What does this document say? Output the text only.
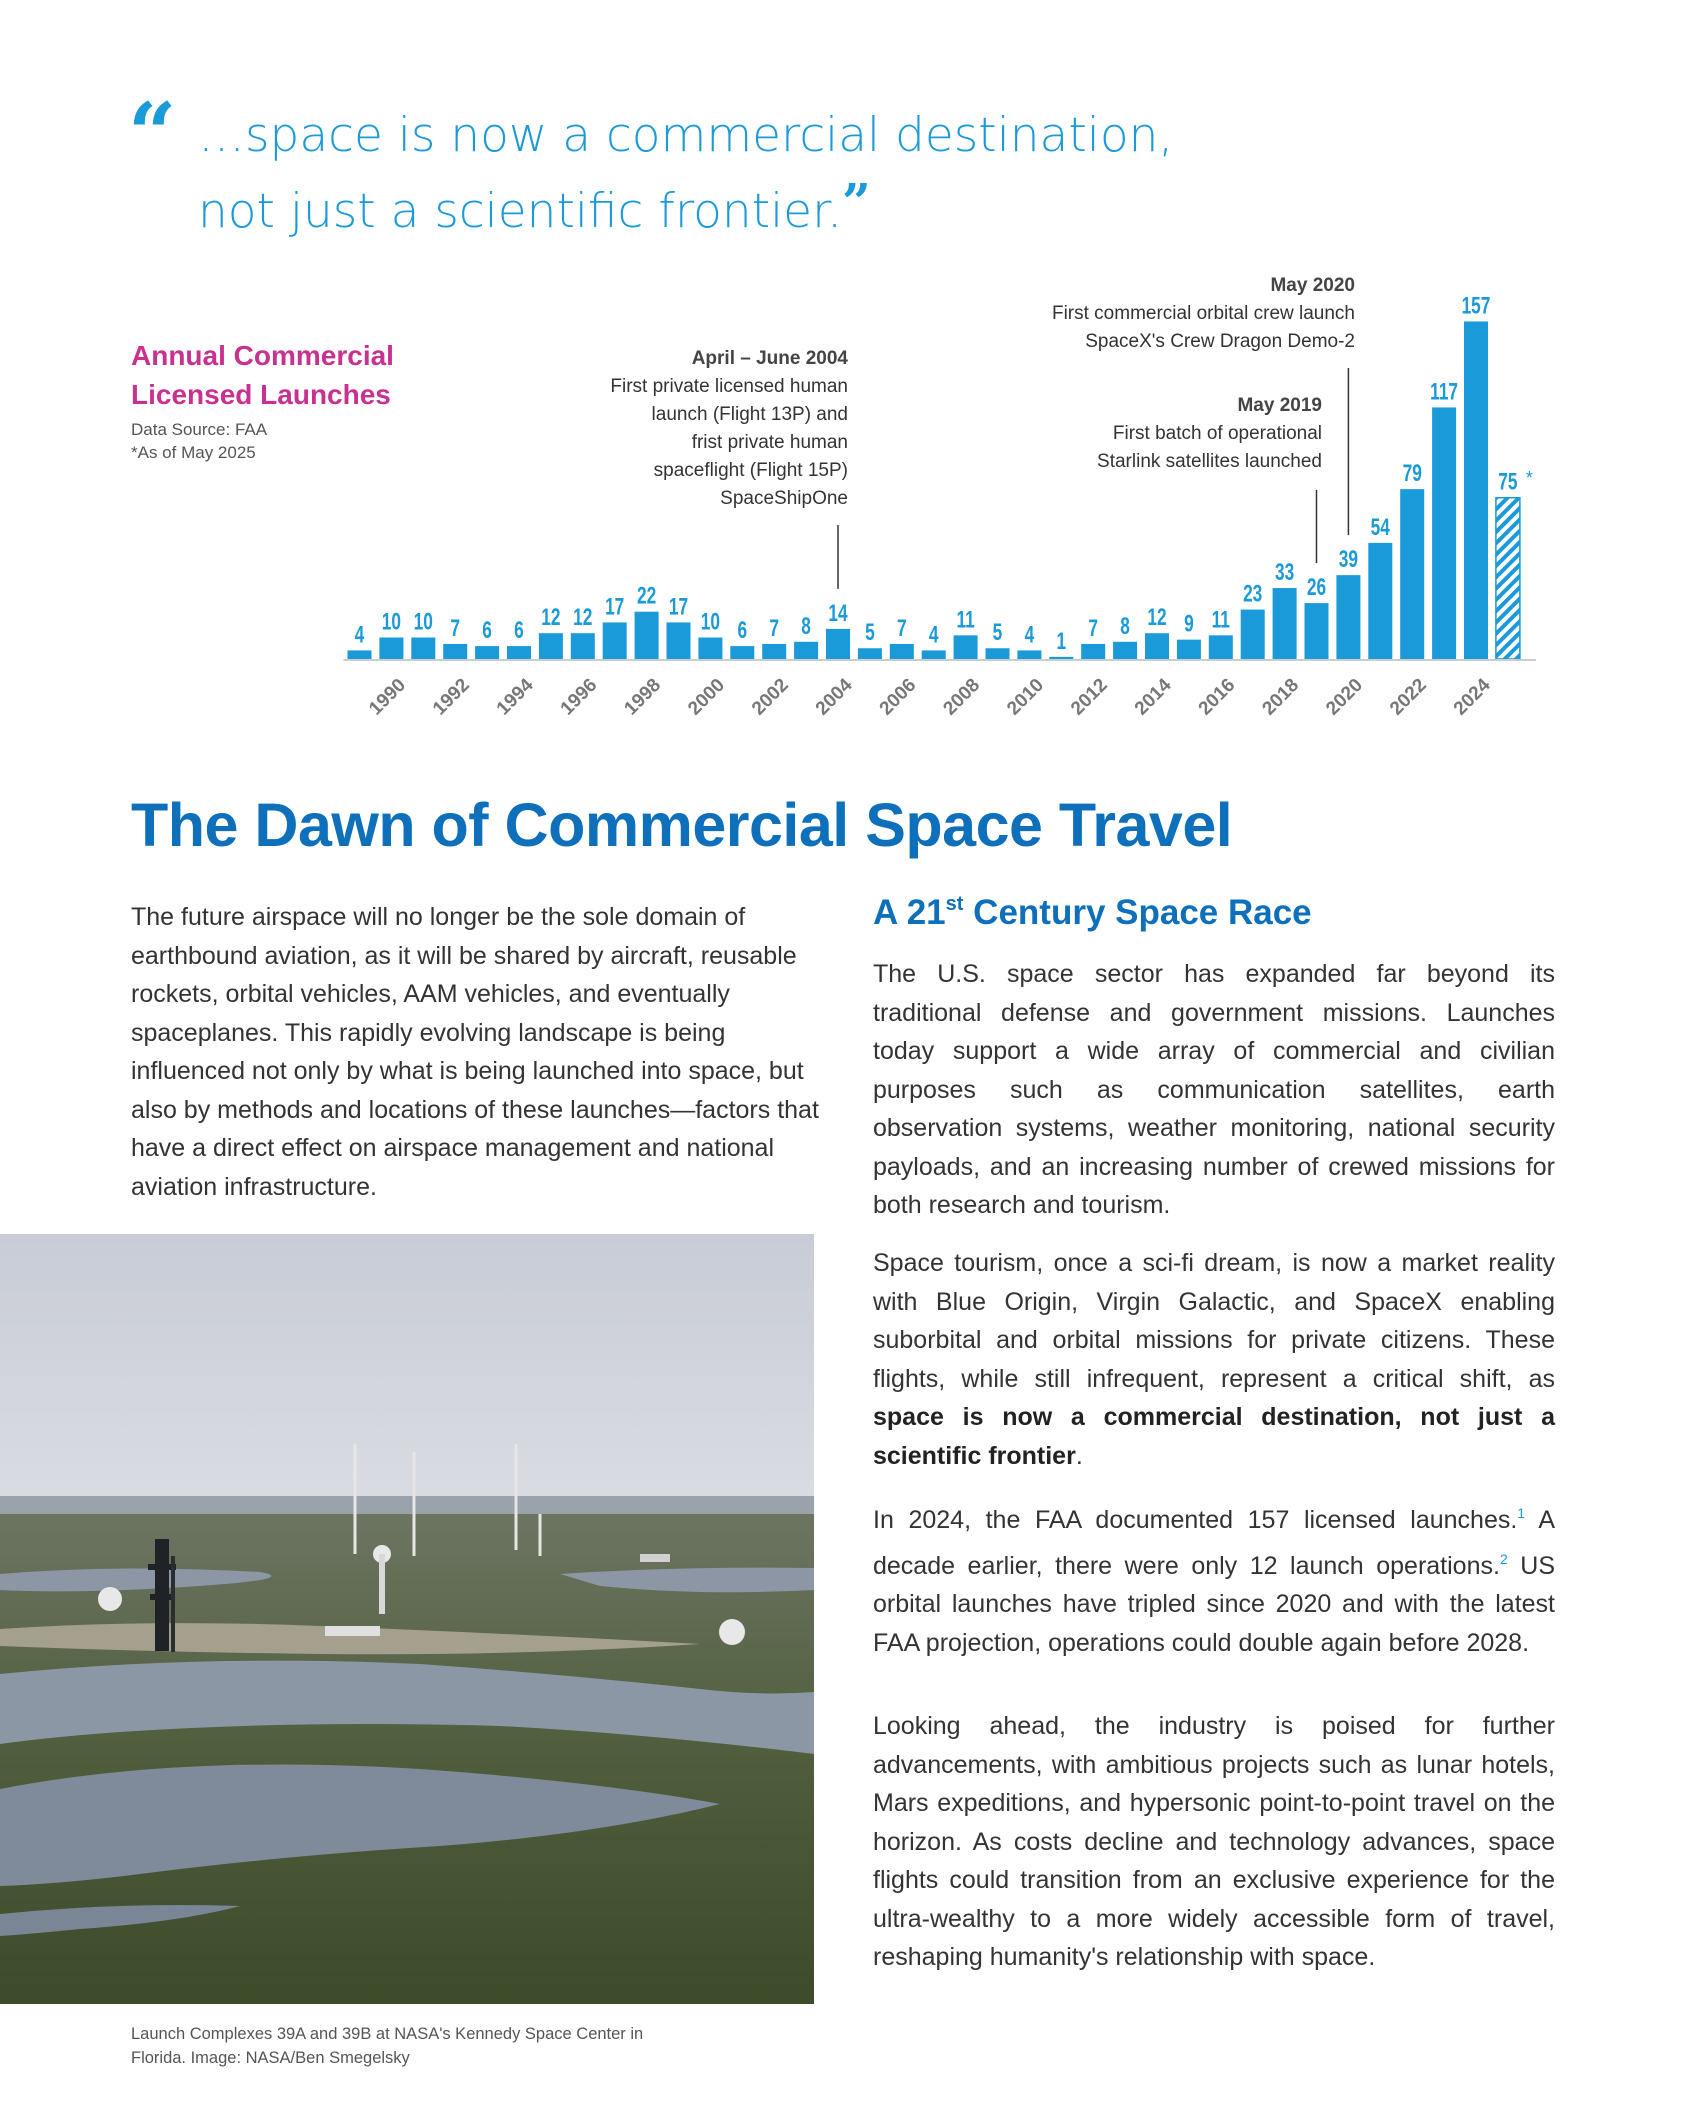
“ …space is now a commercial destination,
not just a scientific frontier.”
Annual Commercial
Licensed Launches
Data Source: FAA
*As of May 2025
April – June 2004
First private licensed human
launch (Flight 13P) and
frist private human
spaceflight (Flight 15P)
SpaceShipOne
May 2020
First commercial orbital crew launch
SpaceX's Crew Dragon Demo-2
May 2019
First batch of operational
Starlink satellites launched
4 10 10 7 6 6 12 12 17 22 17
10 6 7 8 14
5 7 4
11 5 4 1 7 8 12 9 11
23
33
26
39
54
79
117
157
75 *
1990 1992 1994 1996 1998 2000 2002 2004 2006 2008 2010 2012 2014 2016 2018 2020 2022 2024
The Dawn of Commercial Space Travel
The future airspace will no longer be the sole domain of earthbound aviation, as it will be shared by aircraft, reusable rockets, orbital vehicles, AAM vehicles, and eventually spaceplanes. This rapidly evolving landscape is being influenced not only by what is being launched into space, but also by methods and locations of these launches—factors that have a direct effect on airspace management and national aviation infrastructure.
Launch Complexes 39A and 39B at NASA's Kennedy Space Center in Florida. Image: NASA/Ben Smegelsky
A 21st Century Space Race
The U.S. space sector has expanded far beyond its traditional defense and government missions. Launches today support a wide array of commercial and civilian purposes such as communication satellites, earth observation systems, weather monitoring, national security payloads, and an increasing number of crewed missions for both research and tourism.
Space tourism, once a sci-fi dream, is now a market reality with Blue Origin, Virgin Galactic, and SpaceX enabling suborbital and orbital missions for private citizens. These flights, while still infrequent, represent a critical shift, as space is now a commercial destination, not just a scientific frontier.
In 2024, the FAA documented 157 licensed launches.$^1$ A decade earlier, there were only 12 launch operations.$^2$ US orbital launches have tripled since 2020 and with the latest FAA projection, operations could double again before 2028.
Looking ahead, the industry is poised for further advancements, with ambitious projects such as lunar hotels, Mars expeditions, and hypersonic point-to-point travel on the horizon. As costs decline and technology advances, space flights could transition from an exclusive experience for the ultra-wealthy to a more widely accessible form of travel, reshaping humanity's relationship with space.
